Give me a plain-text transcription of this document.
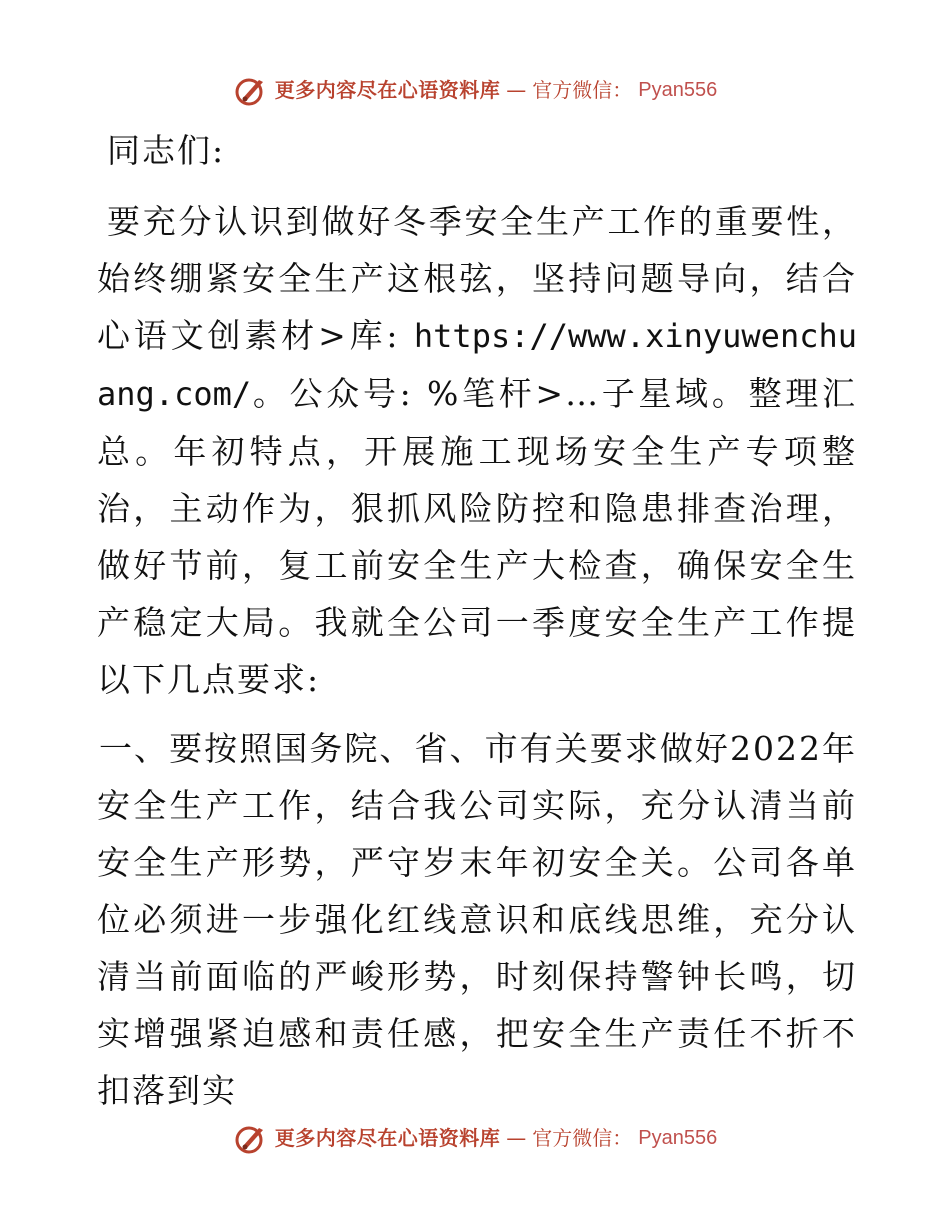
更多内容尽在心语资料库 — 官方微信： Pyan556

同志们:

要充分认识到做好冬季安全生产工作的重要性，始终绷紧安全生产这根弦，坚持问题导向，结合心语文创素材>库: https://www.xinyuwenchuang.com/。公众号: %笔杆>…子星域。整理汇总。年初特点，开展施工现场安全生产专项整治，主动作为，狠抓风险防控和隐患排查治理，做好节前，复工前安全生产大检查，确保安全生产稳定大局。我就全公司一季度安全生产工作提以下几点要求:

一、要按照国务院、省、市有关要求做好2022年安全生产工作，结合我公司实际，充分认清当前安全生产形势，严守岁末年初安全关。公司各单位必须进一步强化红线意识和底线思维，充分认清当前面临的严峻形势，时刻保持警钟长鸣，切实增强紧迫感和责任感，把安全生产责任不折不扣落到实

更多内容尽在心语资料库 — 官方微信： Pyan556
